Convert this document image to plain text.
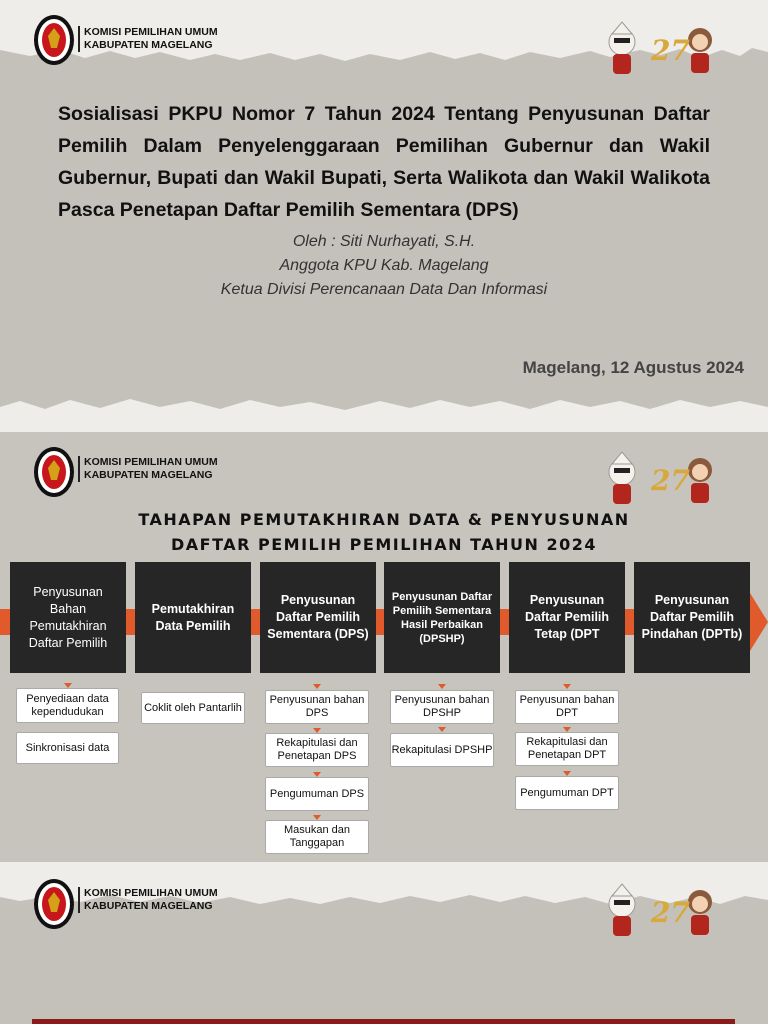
KOMISI PEMILIHAN UMUM
KABUPATEN MAGELANG	27
Sosialisasi PKPU Nomor 7 Tahun 2024 Tentang Penyusunan Daftar Pemilih Dalam Penyelenggaraan Pemilihan Gubernur dan Wakil Gubernur, Bupati dan Wakil Bupati, Serta Walikota dan Wakil Walikota Pasca Penetapan Daftar Pemilih Sementara (DPS)
Oleh : Siti Nurhayati, S.H.
Anggota KPU Kab. Magelang
Ketua Divisi Perencanaan Data Dan Informasi
Magelang, 12 Agustus 2024
KOMISI PEMILIHAN UMUM
KABUPATEN MAGELANG	27
TAHAPAN PEMUTAKHIRAN DATA & PENYUSUNAN
DAFTAR PEMILIH PEMILIHAN TAHUN 2024
Penyusunan Bahan Pemutakhiran Daftar Pemilih
Pemutakhiran Data Pemilih
Penyusunan Daftar Pemilih Sementara (DPS)
Penyusunan Daftar Pemilih Sementara Hasil Perbaikan (DPSHP)
Penyusunan Daftar Pemilih Tetap (DPT
Penyusunan Daftar Pemilih Pindahan (DPTb)
Penyediaan data kependudukan
Sinkronisasi data
Coklit oleh Pantarlih
Penyusunan bahan DPS
Rekapitulasi dan Penetapan DPS
Pengumuman DPS
Masukan dan Tanggapan
Penyusunan bahan DPSHP
Rekapitulasi DPSHP
Penyusunan bahan DPT
Rekapitulasi dan Penetapan DPT
Pengumuman DPT
KOMISI PEMILIHAN UMUM
KABUPATEN MAGELANG	27
